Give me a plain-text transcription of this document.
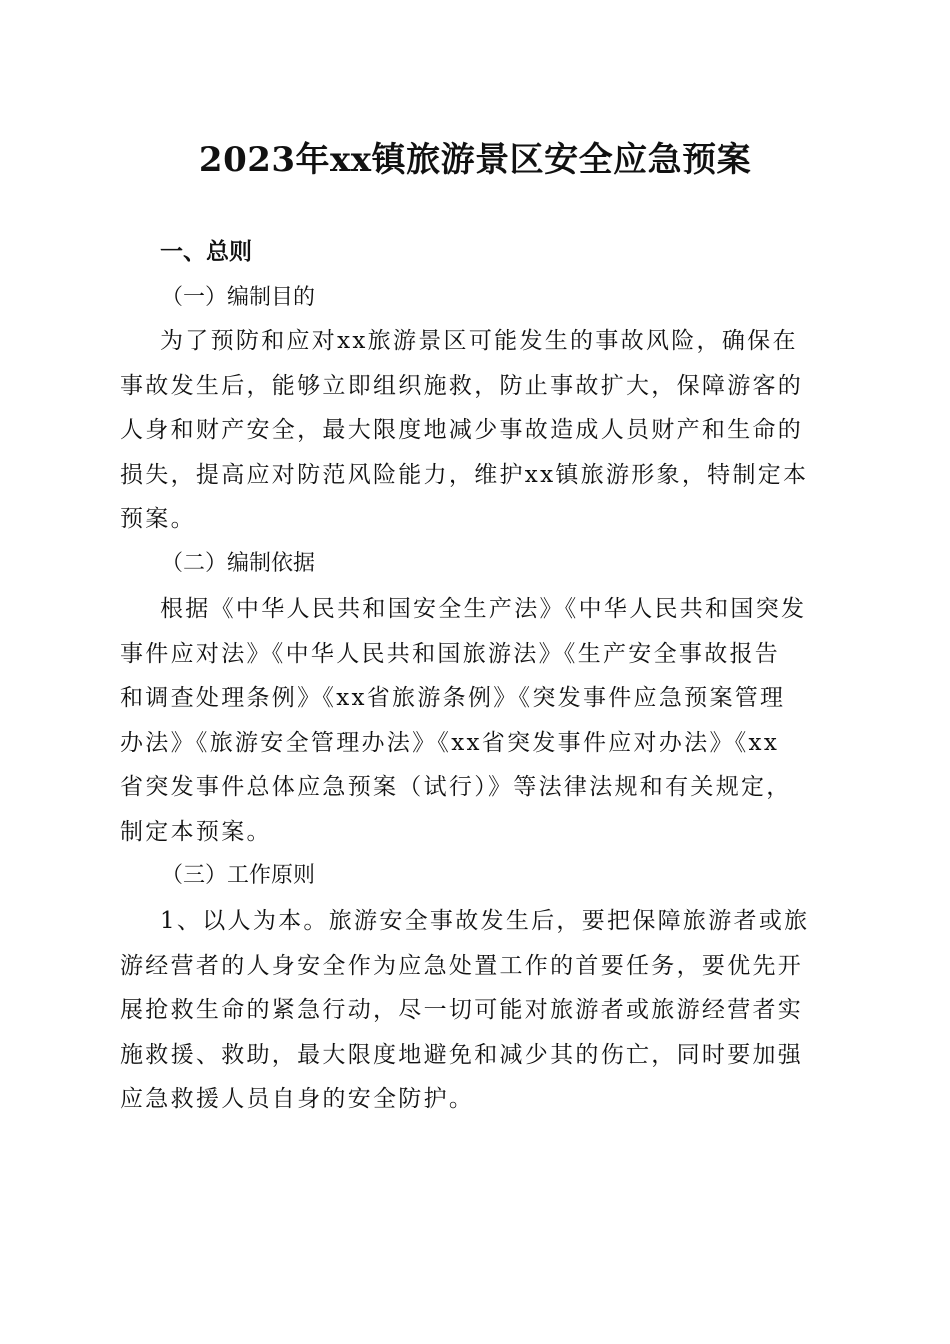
2023年xx镇旅游景区安全应急预案
一、总则
（一）编制目的
为了预防和应对xx旅游景区可能发生的事故风险，确保在
事故发生后，能够立即组织施救，防止事故扩大，保障游客的
人身和财产安全，最大限度地减少事故造成人员财产和生命的
损失，提高应对防范风险能力，维护xx镇旅游形象，特制定本
预案。
（二）编制依据
根据《中华人民共和国安全生产法》《中华人民共和国突发
事件应对法》《中华人民共和国旅游法》《生产安全事故报告
和调查处理条例》《xx省旅游条例》《突发事件应急预案管理
办法》《旅游安全管理办法》《xx省突发事件应对办法》《xx
省突发事件总体应急预案（试行）》等法律法规和有关规定，
制定本预案。
（三）工作原则
1、以人为本。旅游安全事故发生后，要把保障旅游者或旅
游经营者的人身安全作为应急处置工作的首要任务，要优先开
展抢救生命的紧急行动，尽一切可能对旅游者或旅游经营者实
施救援、救助，最大限度地避免和减少其的伤亡，同时要加强
应急救援人员自身的安全防护。
